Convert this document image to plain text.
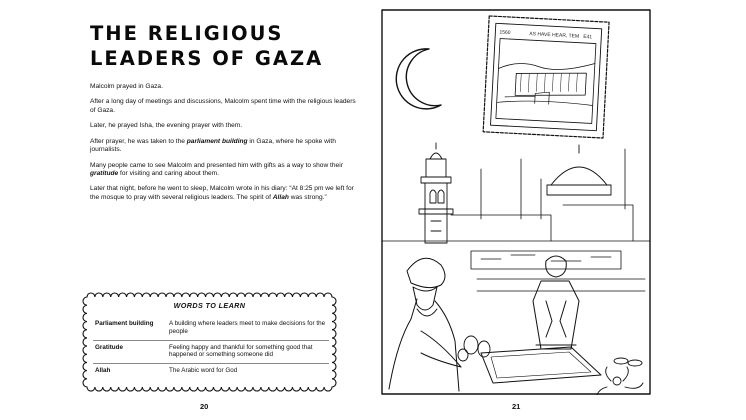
THE RELIGIOUS
LEADERS OF GAZA

Malcolm prayed in Gaza.

After a long day of meetings and discussions, Malcolm spent time with the religious leaders of Gaza.

Later, he prayed Isha, the evening prayer with them.

After prayer, he was taken to the parliament building in Gaza, where he spoke with journalists.

Many people came to see Malcolm and presented him with gifts as a way to show their gratitude for visiting and caring about them.

Later that night, before he went to sleep, Malcolm wrote in his diary: “At 8:25 pm we left for the mosque to pray with several religious leaders. The spirit of Allah was strong.”

WORDS TO LEARN
Parliament building	A building where leaders meet to make decisions for the people
Gratitude	Feeling happy and thankful for something good that happened or something someone did
Allah	The Arabic word for God
20
1560	AS HAVE HEAR, TEM E41
21
